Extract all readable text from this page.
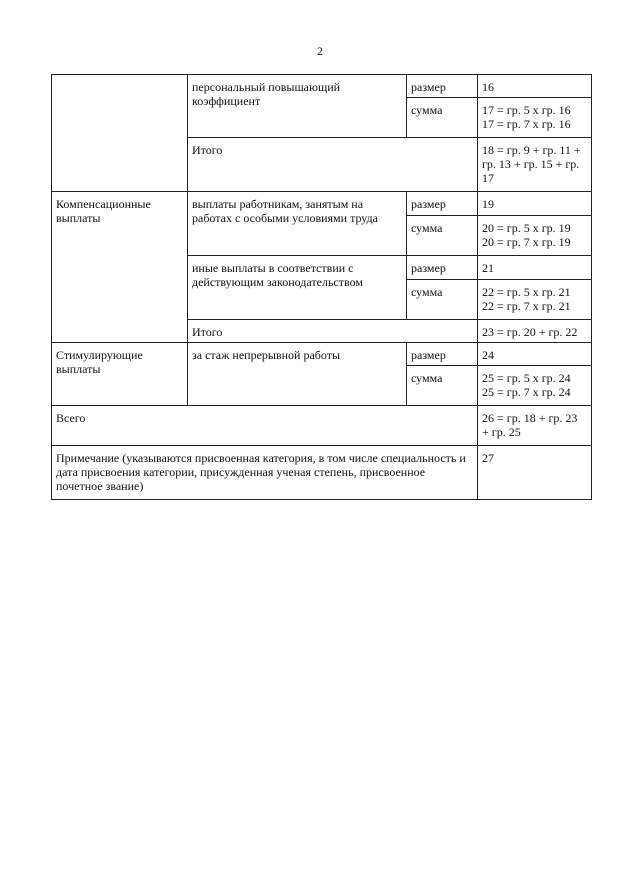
2
	персональный повышающий коэффициент	размер	16
		сумма	17 = гр. 5 х гр. 16
17 = гр. 7 х гр. 16

	Итого		18 = гр. 9 + гр. 11 + гр. 13 + гр. 15 + гр. 17
Компенсационные выплаты	выплаты работникам, занятым на работах с особыми условиями труда	размер	19
		сумма	20 = гр. 5 х гр. 19
20 = гр. 7 х гр. 19

	иные выплаты в соответствии с действующим законодательством	размер	21
		сумма	22 = гр. 5 х гр. 21
22 = гр. 7 х гр. 21

	Итого		23 = гр. 20 + гр. 22
Стимулирующие выплаты	за стаж непрерывной работы	размер	24
		сумма	25 = гр. 5 х гр. 24
25 = гр. 7 х гр. 24

Всего			26 = гр. 18 + гр. 23 + гр. 25
Примечание (указываются присвоенная категория, в том числе специальность и дата присвоения категории, присужденная ученая степень, присвоенное почетное звание)			27
